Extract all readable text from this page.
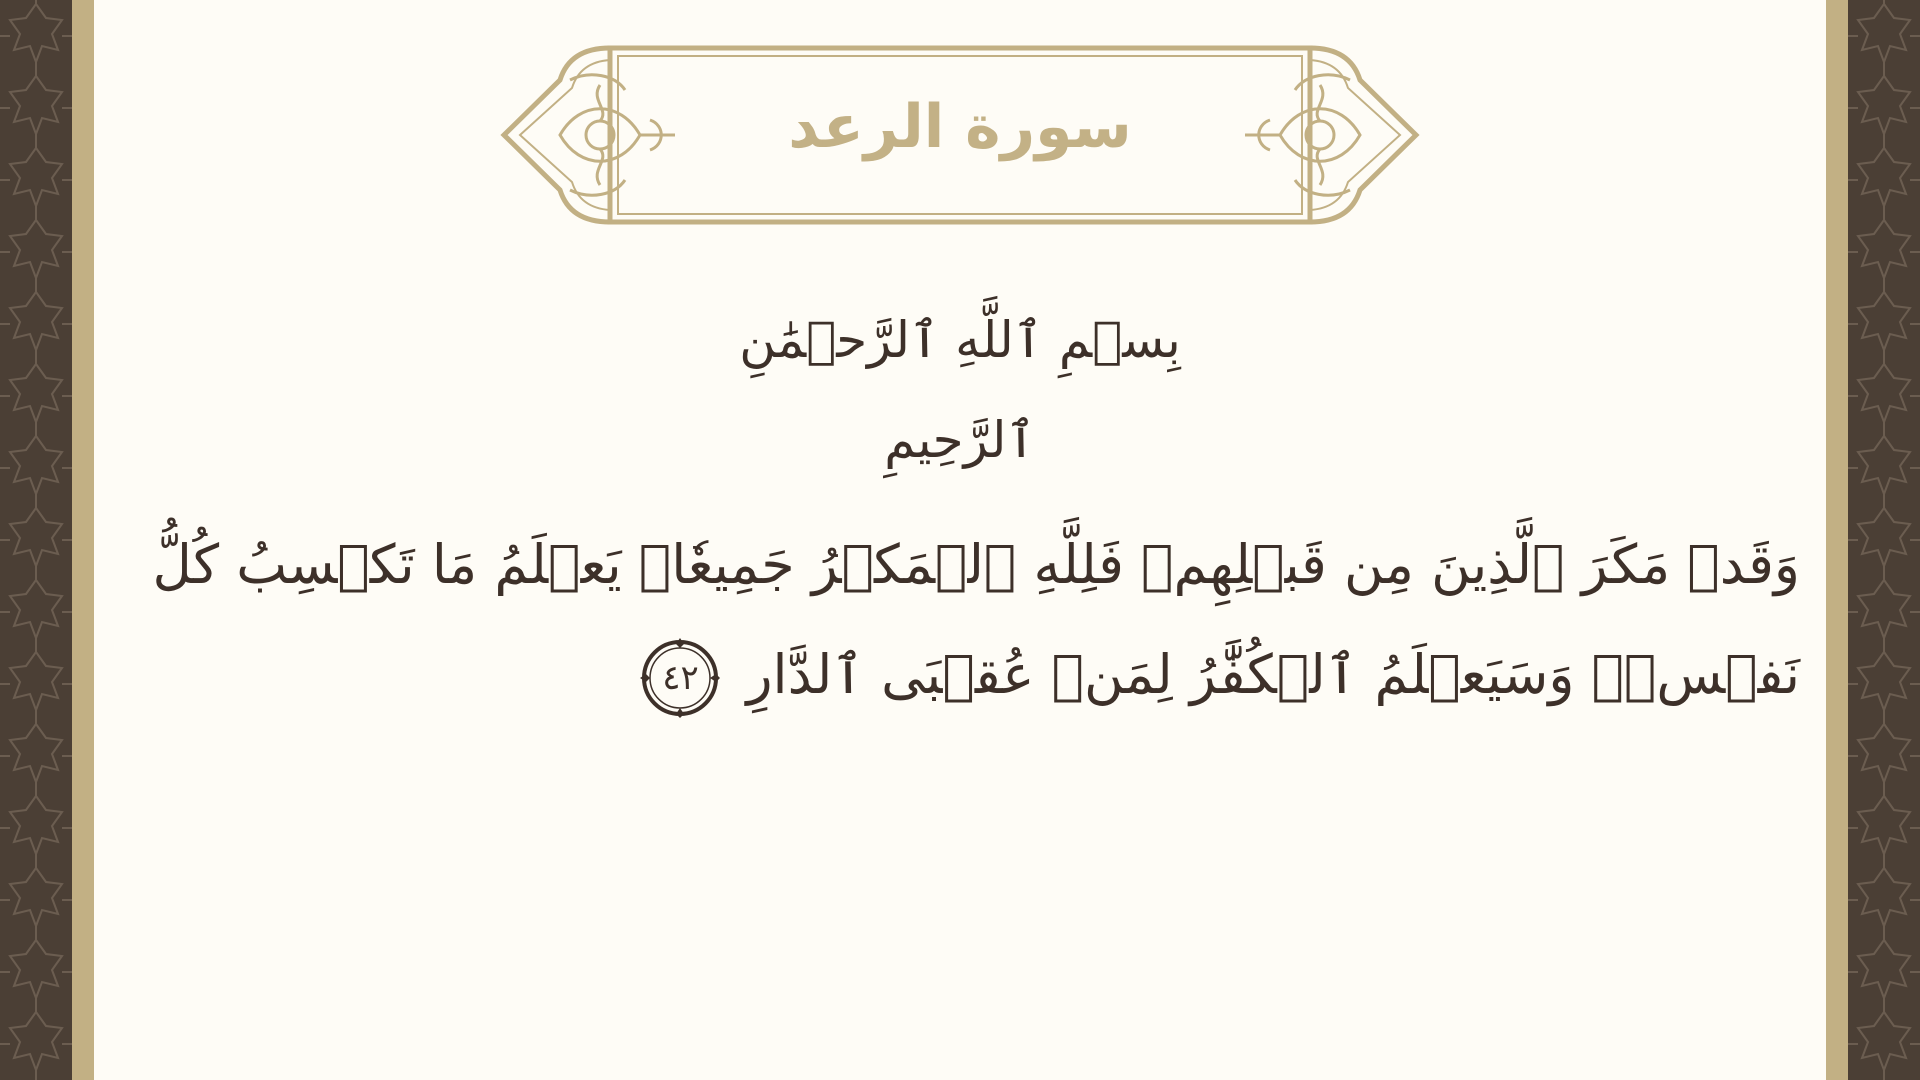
سورة الرعد
بِسۡمِ ٱللَّهِ ٱلرَّحۡمَٰنِ ٱلرَّحِيمِ
وَقَدۡ مَكَرَ ٱلَّذِينَ مِن قَبۡلِهِمۡ فَلِلَّهِ ٱلۡمَكۡرُ جَمِيعٗاۖ يَعۡلَمُ مَا تَكۡسِبُ كُلُّ
نَفۡسٖۗ وَسَيَعۡلَمُ ٱلۡكُفَّٰرُ لِمَنۡ عُقۡبَى ٱلدَّارِ
٤٢
